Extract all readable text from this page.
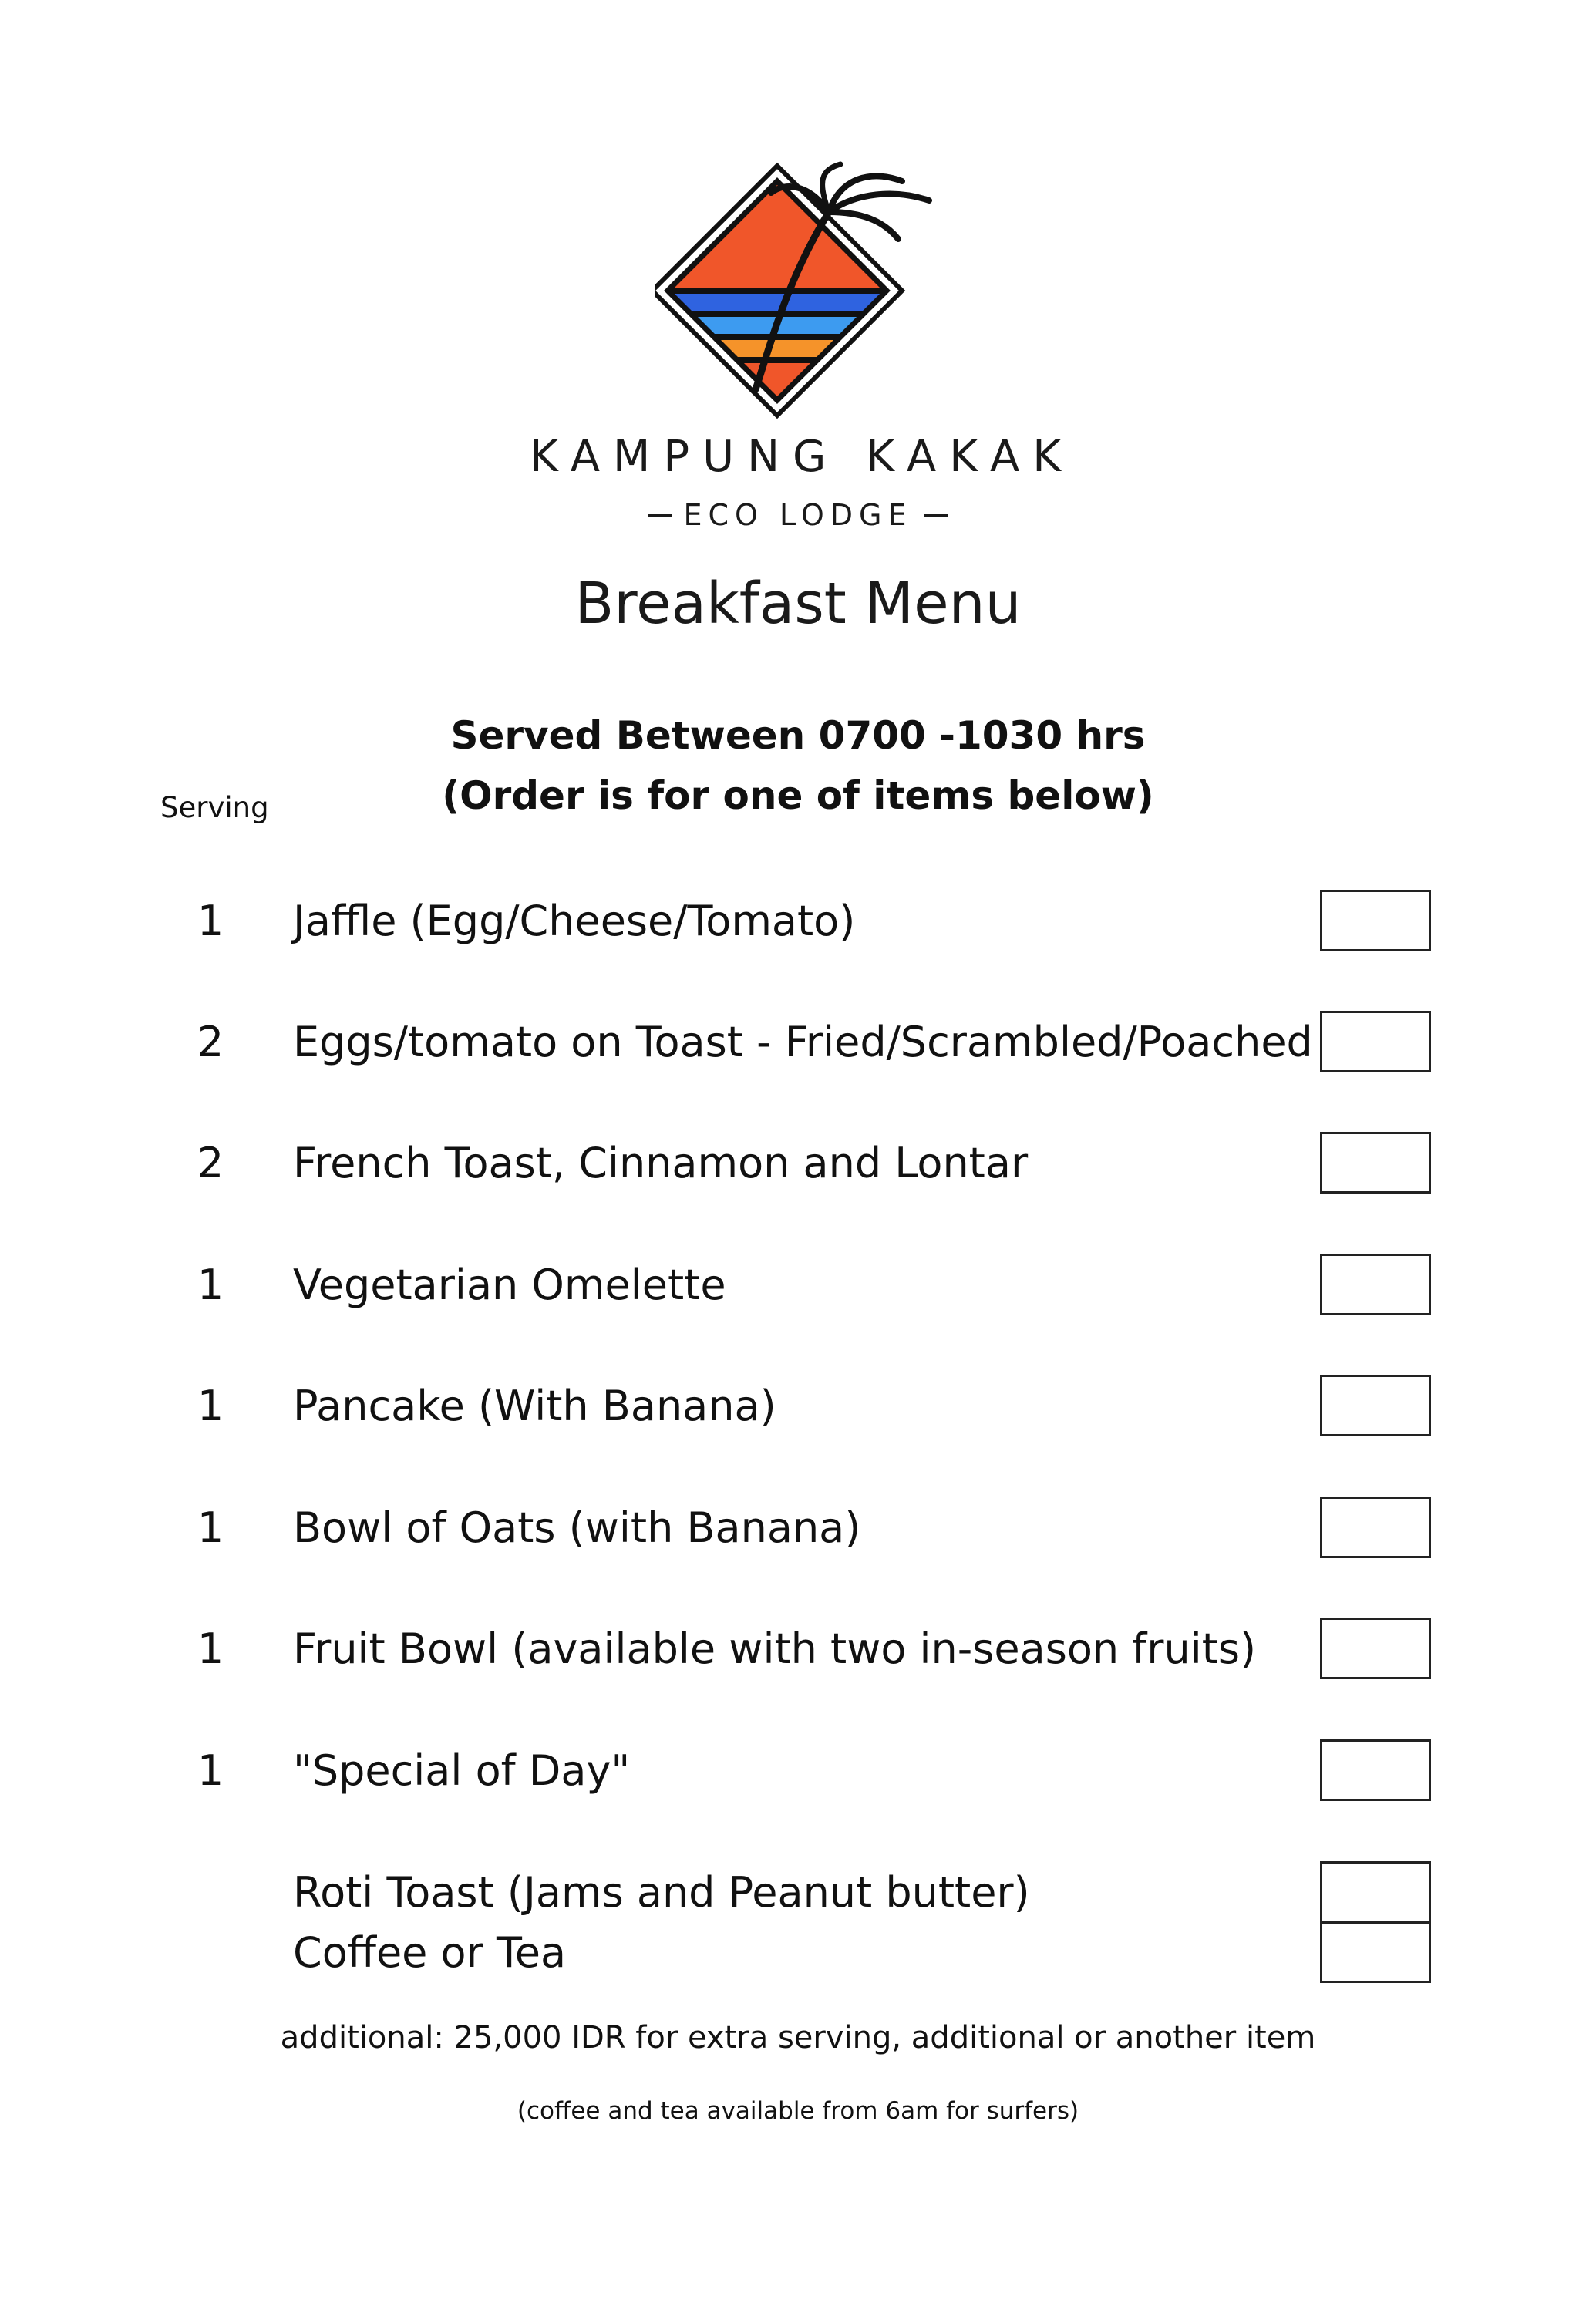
KAMPUNG KAKAK
ECO LODGE
Breakfast Menu
Served Between 0700 -1030 hrs
(Order is for one of items below)
Serving
1 Jaffle (Egg/Cheese/Tomato)
2 Eggs/tomato on Toast - Fried/Scrambled/Poached
2 French Toast, Cinnamon and Lontar
1 Vegetarian Omelette
1 Pancake (With Banana)
1 Bowl of Oats (with Banana)
1 Fruit Bowl (available with two in-season fruits)
1 "Special of Day"
Roti Toast (Jams and Peanut butter)
Coffee or Tea
additional: 25,000 IDR for extra serving, additional or another item
(coffee and tea available from 6am for surfers)
